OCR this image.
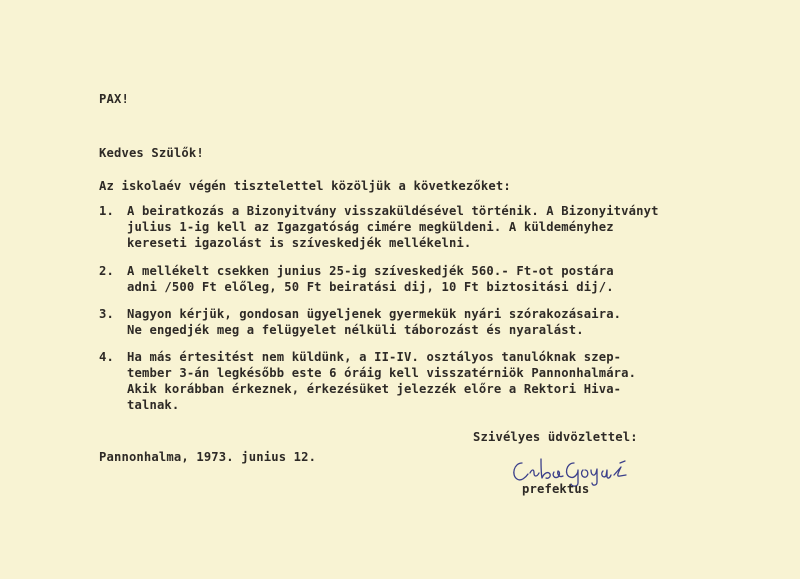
PAX!
Kedves Szülők!
Az iskolaév végén tisztelettel közöljük a következőket:
1. A beiratkozás a Bizonyitvány visszaküldésével történik. A Bizonyitványt
julius 1-ig kell az Igazgatóság cimére megküldeni. A küldeményhez
kereseti igazolást is szíveskedjék mellékelni.
2. A mellékelt csekken junius 25-ig szíveskedjék 560.- Ft-ot postára
adni /500 Ft előleg, 50 Ft beiratási dij, 10 Ft biztositási dij/.
3. Nagyon kérjük, gondosan ügyeljenek gyermekük nyári szórakozásaira.
Ne engedjék meg a felügyelet nélküli táborozást és nyaralást.
4. Ha más értesitést nem küldünk, a II-IV. osztályos tanulóknak szep-
tember 3-án legkésőbb este 6 óráig kell visszatérniök Pannonhalmára.
Akik korábban érkeznek, érkezésüket jelezzék előre a Rektori Hiva-
talnak.
Szivélyes üdvözlettel:
Pannonhalma, 1973. junius 12.
prefektus
